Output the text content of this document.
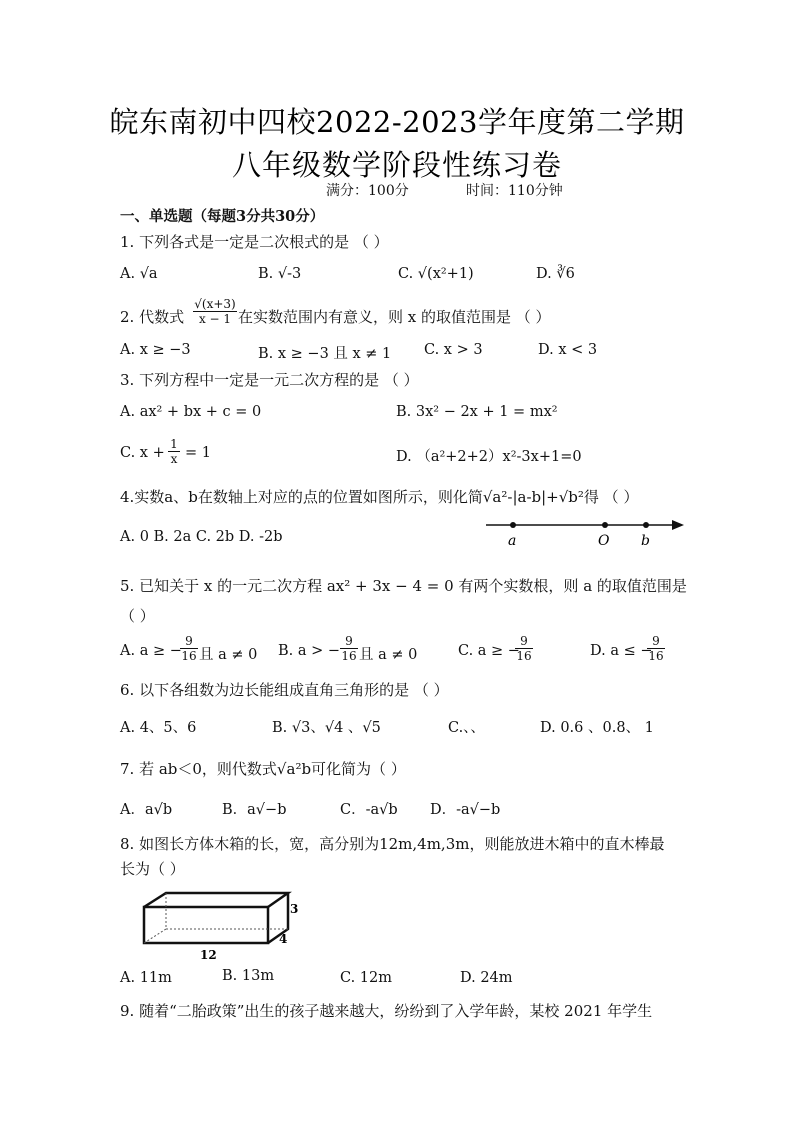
皖东南初中四校2022-2023学年度第二学期
八年级数学阶段性练习卷
满分：100分	时间：110分钟
一、单选题（每题3分共30分）
1. 下列各式是一定是二次根式的是 （ ）
A. √a	B. √-3	C. √(x²+1)	D. ∛6
2. 代数式 $\frac{√(x+3)}{x - 1}$ 在实数范围内有意义，则 x 的取值范围是 （ ）
A. x ≥ −3	B. x ≥ −3 且 x ≠ 1 C. x > 3	D. x < 3
3. 下列方程中一定是一元二次方程的是 （ ）
A. ax² + bx + c = 0	B. 3x² − 2x + 1 = mx²
C. $x + \frac{1}{x} = 1$	D. （a²+2+2）x²-3x+1=0
4.实数a、b在数轴上对应的点的位置如图所示，则化简√a²-|a-b|+√b²得 （ ）
A. 0 B. 2a C. 2b D. -2b	a	O b
5. 已知关于 x 的一元二次方程 ax² + 3x − 4 = 0 有两个实数根，则 a 的取值范围是
（ ）
A. a ≥ −
$\frac{9}{16}$ 且 a ≠ 0 B. a > − $\frac{9}{16}$ 且 a ≠ 0	C. a ≥ −
$\frac{9}{16}$	D. a ≤ −
$\frac{9}{16}$
6. 以下各组数为边长能组成直角三角形的是 （ ）
A. 4、5、6	B. √3、√4 、√5	C.、、	D. 0.6 、0.8、 1
7. 若 ab＜0，则代数式√a²b可化简为（ ）
A．a√b	B．a√−b	C．-a√b D．-a√−b
8. 如图长方体木箱的长，宽，高分别为12m,4m,3m，则能放进木箱中的直木棒最
长为（ ）
3
4
12
A. 11m	B. 13m	C. 12m	D. 24m
9. 随着“二胎政策”出生的孩子越来越大，纷纷到了入学年龄，某校 2021 年学生
